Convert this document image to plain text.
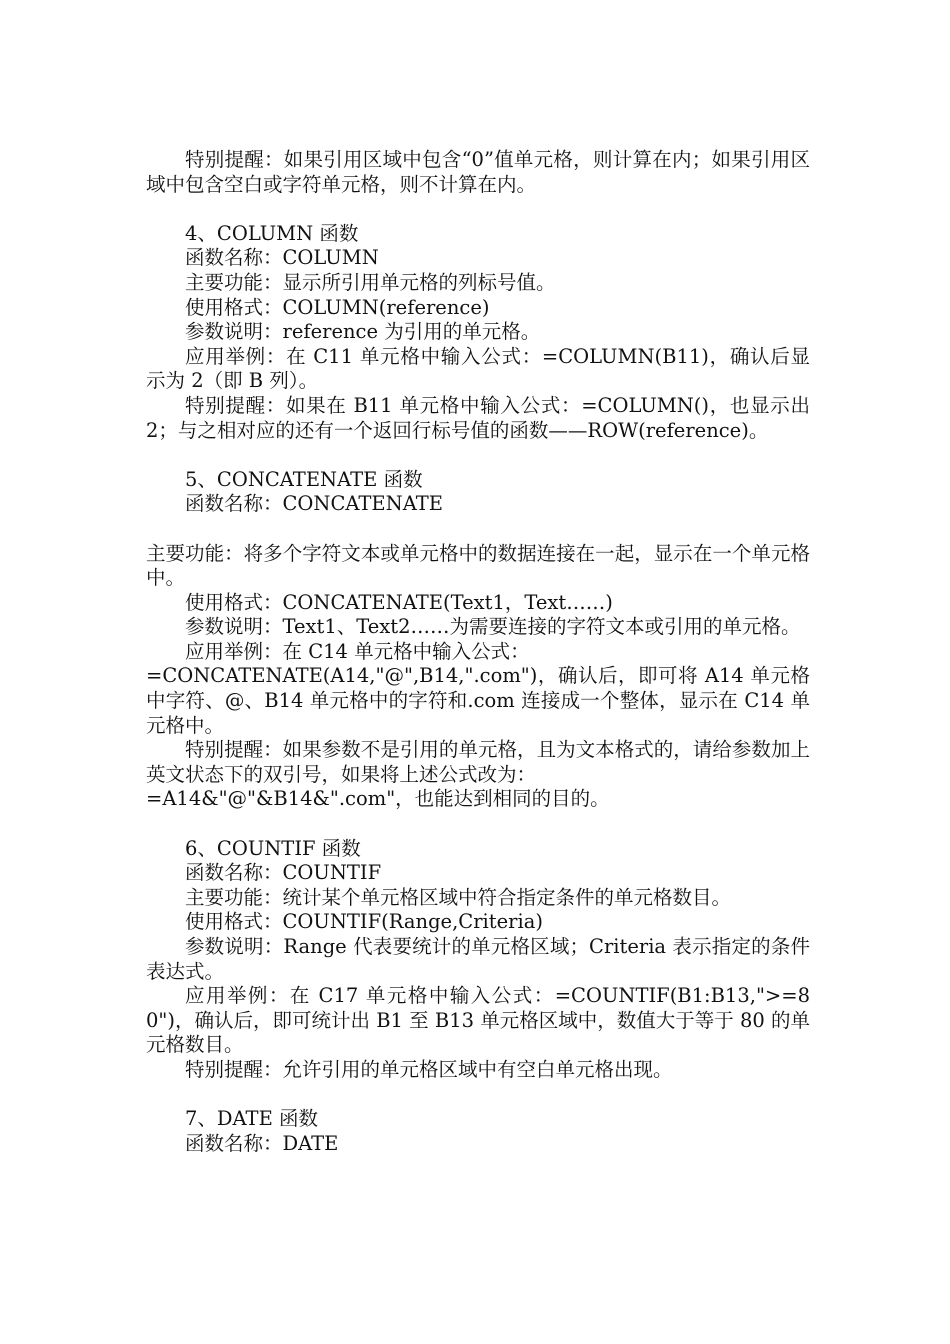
特别提醒：如果引用区域中包含“0”值单元格，则计算在内；如果引用区域中包含空白或字符单元格，则不计算在内。

4、COLUMN 函数

函数名称：COLUMN

主要功能：显示所引用单元格的列标号值。

使用格式：COLUMN(reference)

参数说明：reference 为引用的单元格。

应用举例：在 C11 单元格中输入公式：=COLUMN(B11)，确认后显示为 2（即 B 列）。

特别提醒：如果在 B11 单元格中输入公式：=COLUMN()，也显示出 2；与之相对应的还有一个返回行标号值的函数——ROW(reference)。

5、CONCATENATE 函数

函数名称：CONCATENATE

主要功能：将多个字符文本或单元格中的数据连接在一起，显示在一个单元格中。

使用格式：CONCATENATE(Text1，Text……)

参数说明：Text1、Text2……为需要连接的字符文本或引用的单元格。

应用举例：在 C14 单元格中输入公式：

=CONCATENATE(A14,"@",B14,".com")，确认后，即可将 A14 单元格中字符、@、B14 单元格中的字符和.com 连接成一个整体，显示在 C14 单元格中。

特别提醒：如果参数不是引用的单元格，且为文本格式的，请给参数加上英文状态下的双引号，如果将上述公式改为：

=A14&"@"&B14&".com"，也能达到相同的目的。

6、COUNTIF 函数

函数名称：COUNTIF

主要功能：统计某个单元格区域中符合指定条件的单元格数目。

使用格式：COUNTIF(Range,Criteria)

参数说明：Range 代表要统计的单元格区域；Criteria 表示指定的条件表达式。

应用举例：在 C17 单元格中输入公式：=COUNTIF(B1:B13,">=80")，确认后，即可统计出 B1 至 B13 单元格区域中，数值大于等于 80 的单元格数目。

特别提醒：允许引用的单元格区域中有空白单元格出现。

7、DATE 函数

函数名称：DATE
